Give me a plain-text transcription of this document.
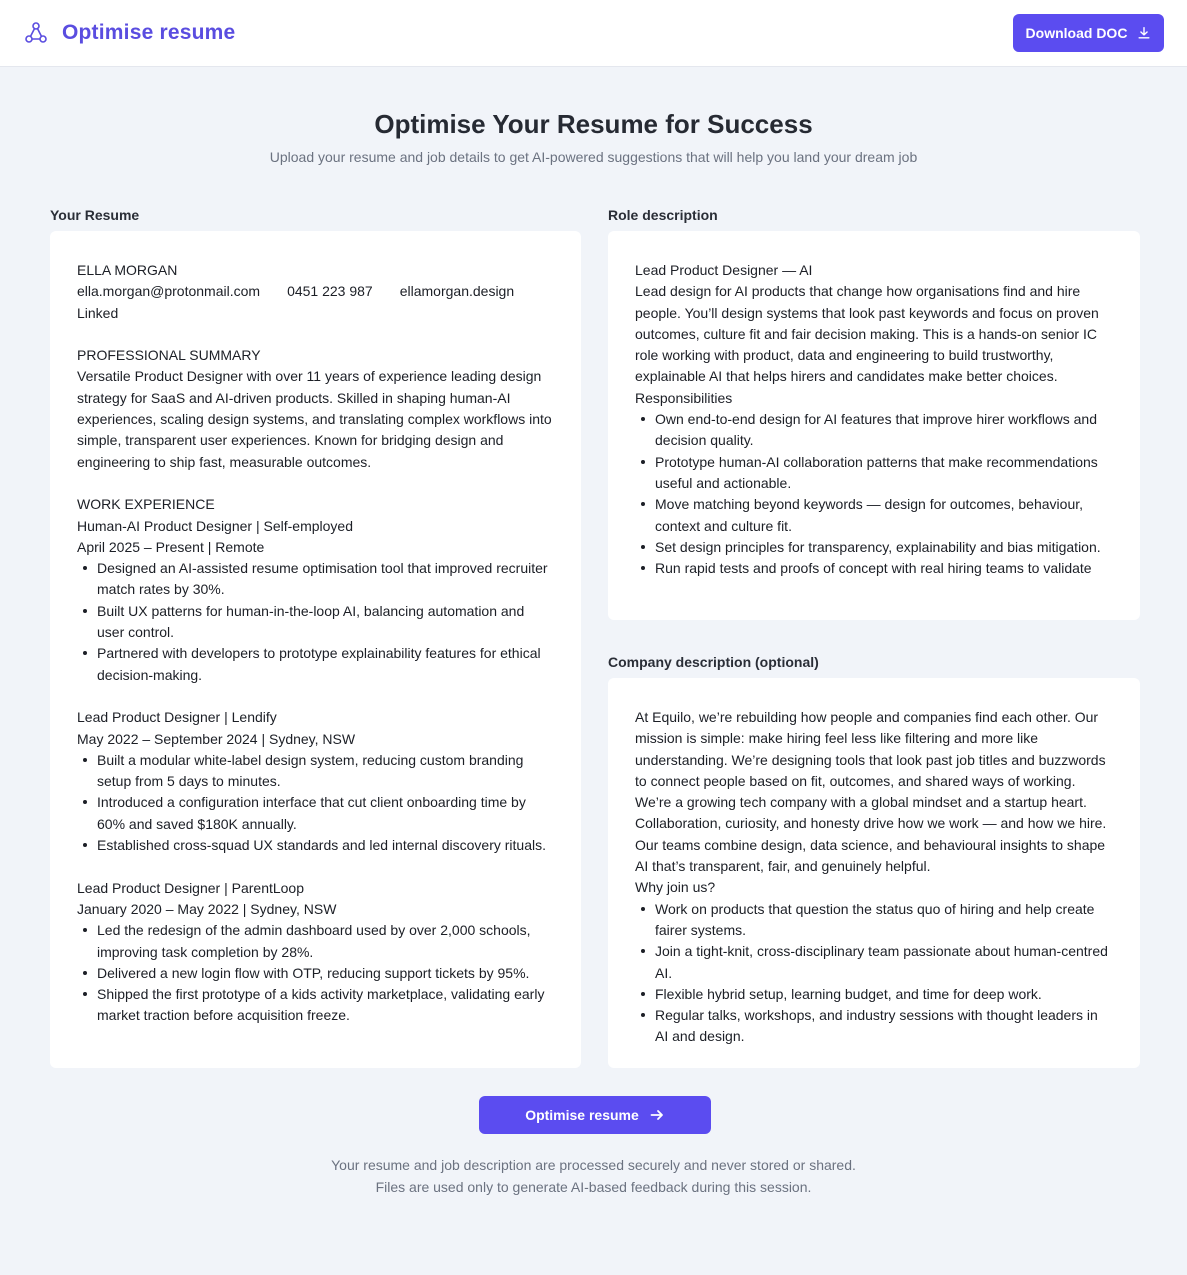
Optimise resume	Download DOC
Optimise Your Resume for Success

Upload your resume and job details to get AI-powered suggestions that will help you land your dream job

Your Resume
ELLA MORGAN
ella.morgan@protonmail.com 0451 223 987 ellamorgan.design
Linked
PROFESSIONAL SUMMARY
Versatile Product Designer with over 11 years of experience leading design strategy for SaaS and AI-driven products. Skilled in shaping human-AI experiences, scaling design systems, and translating complex workflows into simple, transparent user experiences. Known for bridging design and engineering to ship fast, measurable outcomes.
WORK EXPERIENCE
Human-AI Product Designer | Self-employed
April 2025 – Present | Remote
Designed an AI-assisted resume optimisation tool that improved recruiter match rates by 30%.
Built UX patterns for human-in-the-loop AI, balancing automation and user control.
Partnered with developers to prototype explainability features for ethical decision-making.
Lead Product Designer | Lendify
May 2022 – September 2024 | Sydney, NSW
Built a modular white-label design system, reducing custom branding setup from 5 days to minutes.
Introduced a configuration interface that cut client onboarding time by 60% and saved $180K annually.
Established cross-squad UX standards and led internal discovery rituals.
Lead Product Designer | ParentLoop
January 2020 – May 2022 | Sydney, NSW
Led the redesign of the admin dashboard used by over 2,000 schools, improving task completion by 28%.
Delivered a new login flow with OTP, reducing support tickets by 95%.
Shipped the first prototype of a kids activity marketplace, validating early market traction before acquisition freeze.
Role description
Lead Product Designer — AI
Lead design for AI products that change how organisations find and hire people. You’ll design systems that look past keywords and focus on proven outcomes, culture fit and fair decision making. This is a hands-on senior IC role working with product, data and engineering to build trustworthy, explainable AI that helps hirers and candidates make better choices.
Responsibilities
Own end-to-end design for AI features that improve hirer workflows and decision quality.
Prototype human-AI collaboration patterns that make recommendations useful and actionable.
Move matching beyond keywords — design for outcomes, behaviour, context and culture fit.
Set design principles for transparency, explainability and bias mitigation.
Run rapid tests and proofs of concept with real hiring teams to validate
Company description (optional)
At Equilo, we’re rebuilding how people and companies find each other. Our mission is simple: make hiring feel less like filtering and more like understanding. We’re designing tools that look past job titles and buzzwords to connect people based on fit, outcomes, and shared ways of working.
We’re a growing tech company with a global mindset and a startup heart. Collaboration, curiosity, and honesty drive how we work — and how we hire. Our teams combine design, data science, and behavioural insights to shape AI that’s transparent, fair, and genuinely helpful.
Why join us?
Work on products that question the status quo of hiring and help create fairer systems.
Join a tight-knit, cross-disciplinary team passionate about human-centred AI.
Flexible hybrid setup, learning budget, and time for deep work.
Regular talks, workshops, and industry sessions with thought leaders in AI and design.
Optimise resume
Your resume and job description are processed securely and never stored or shared.
Files are used only to generate AI-based feedback during this session.
